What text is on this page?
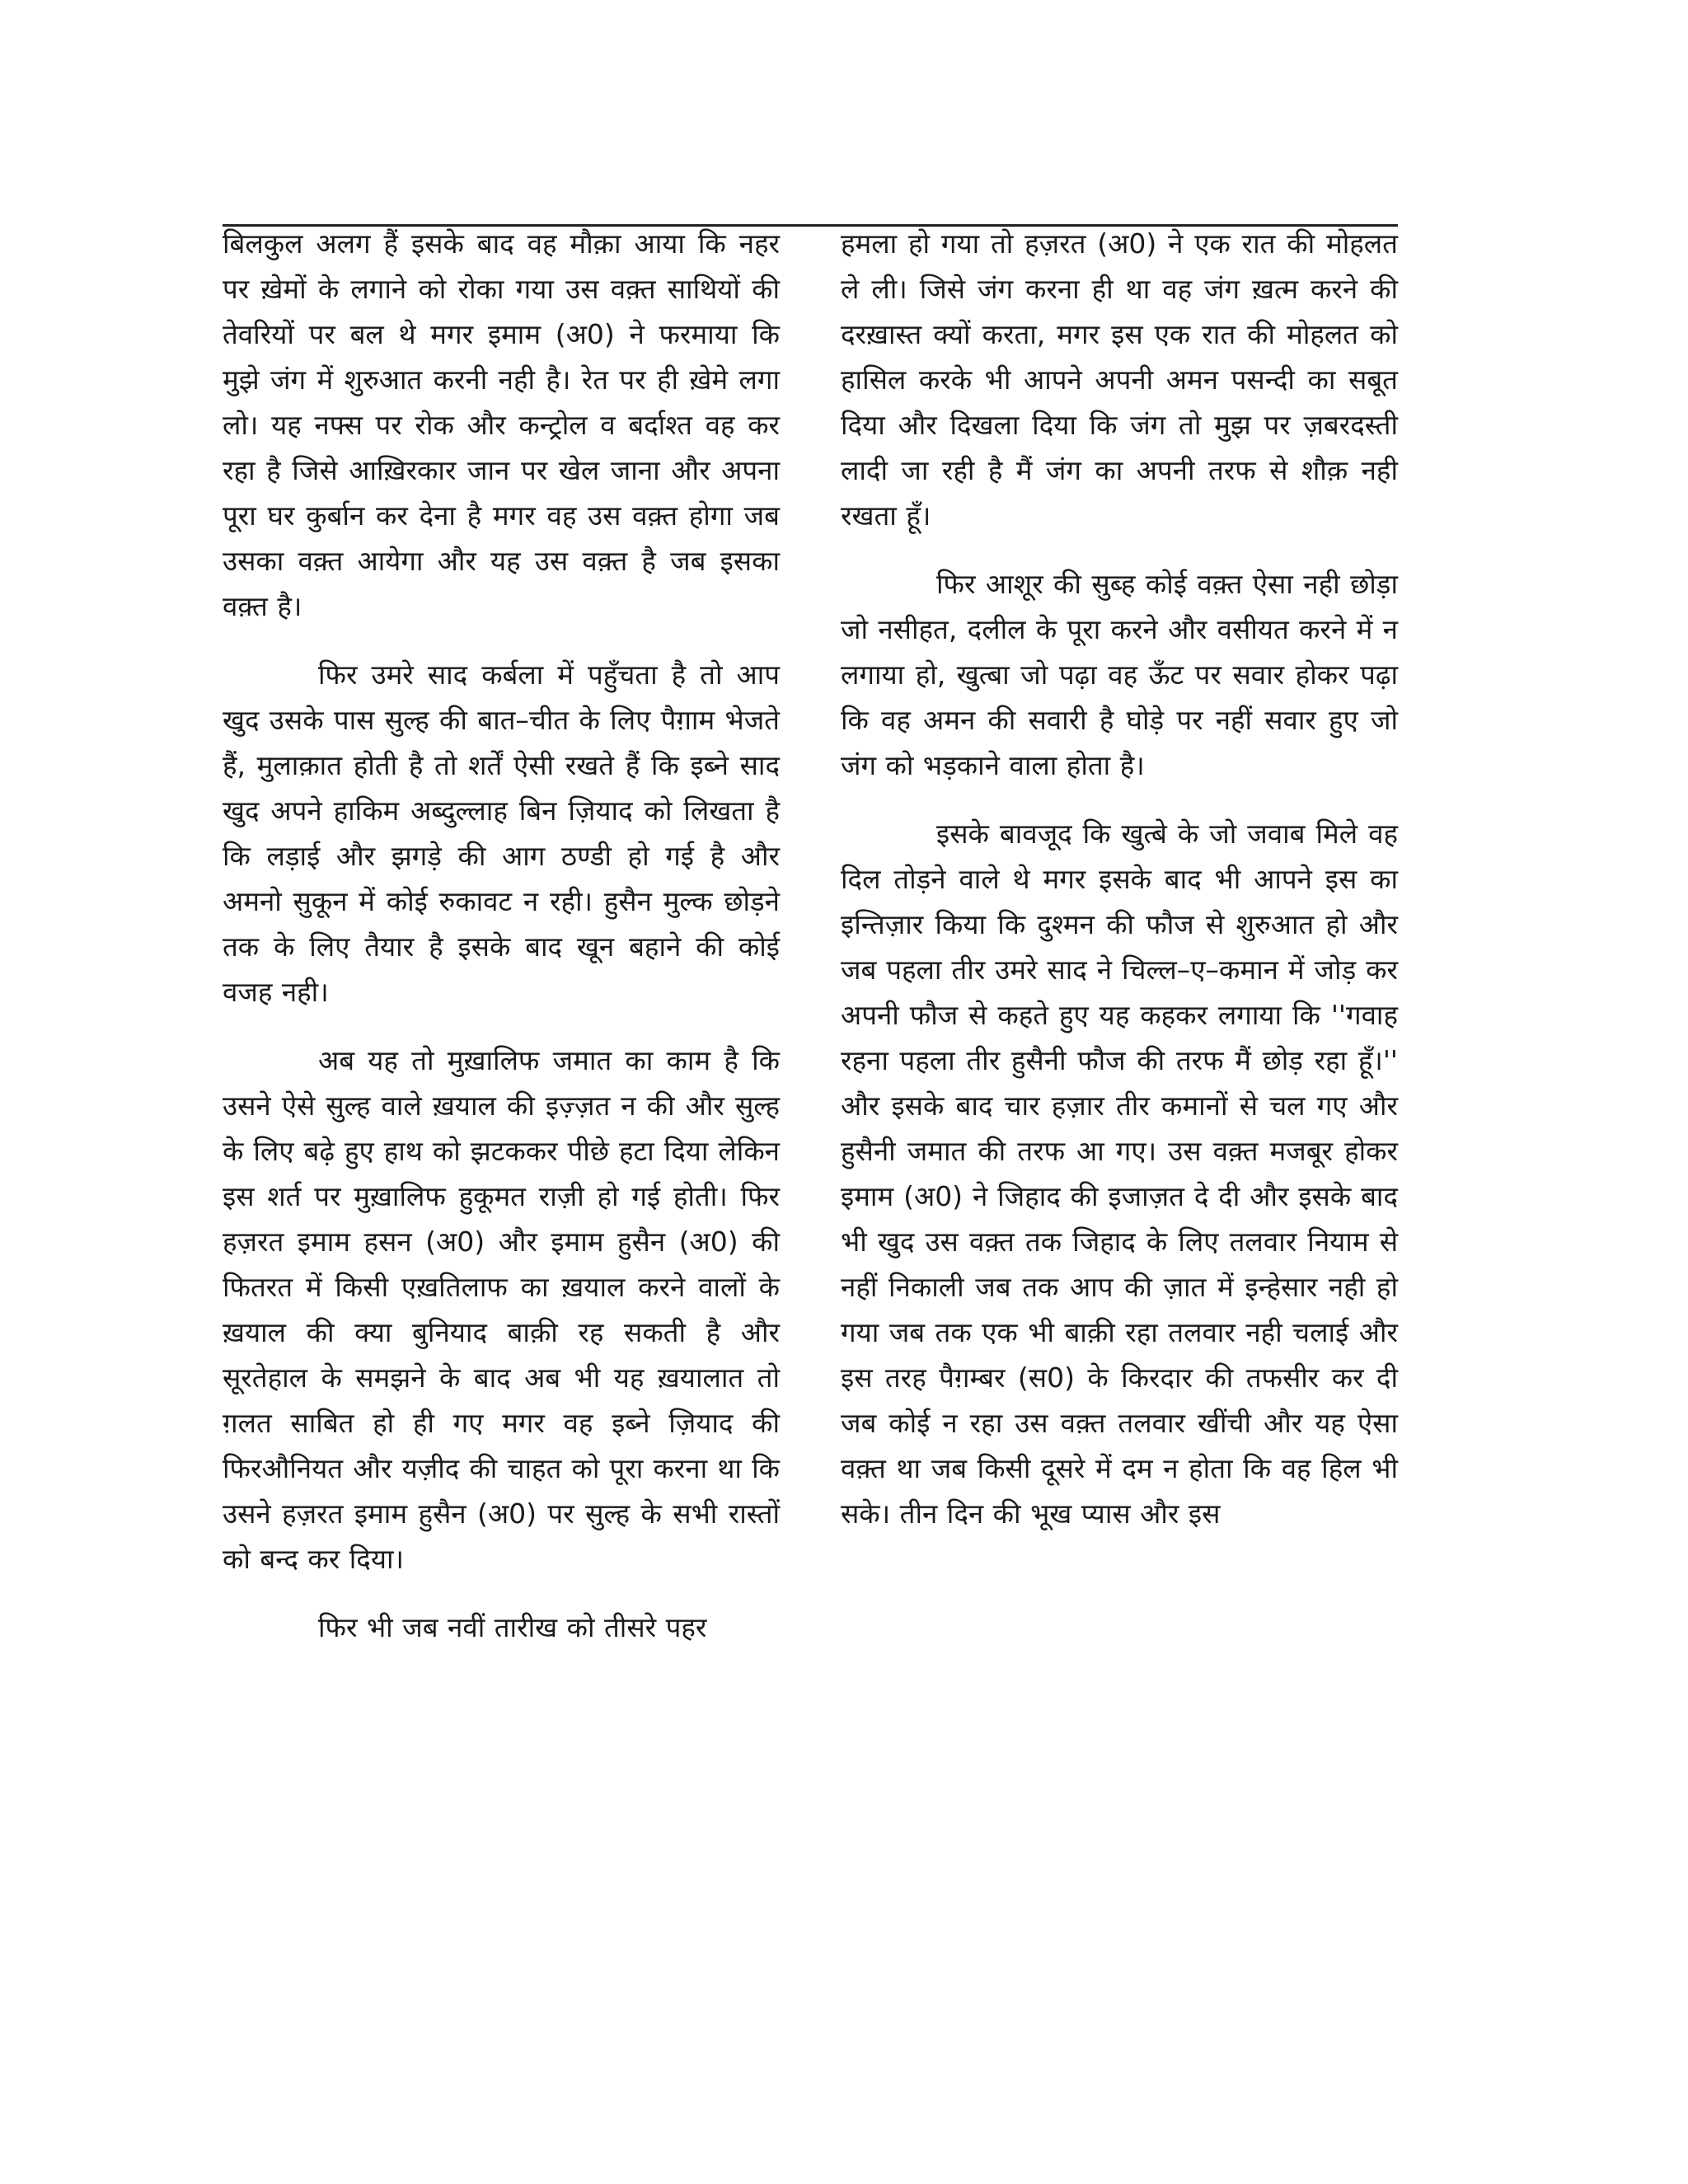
बिलकुल अलग हैं इसके बाद वह मौक़ा आया कि नहर पर खे़मों के लगाने को रोका गया उस वक़्त साथियों की तेवरियों पर बल थे मगर इमाम (अ0) ने फरमाया कि मुझे जंग में शुरुआत करनी नही है। रेत पर ही खे़मे लगा लो। यह नफ्स पर रोक और कन्ट्रोल व बर्दाश्त वह कर रहा है जिसे आख़िरकार जान पर खेल जाना और अपना पूरा घर कुर्बान कर देना है मगर वह उस वक़्त होगा जब उसका वक़्त आयेगा और यह उस वक़्त है जब इसका वक़्त है।

फिर उमरे साद कर्बला में पहुँचता है तो आप खुद उसके पास सुल्ह की बात–चीत के लिए पैग़ाम भेजते हैं, मुलाक़ात होती है तो शर्तें ऐसी रखते हैं कि इब्ने साद खुद अपने हाकिम अब्दुल्लाह बिन ज़ियाद को लिखता है कि लड़ाई और झगड़े की आग ठण्डी हो गई है और अमनो सुकून में कोई रुकावट न रही। हुसैन मुल्क छोड़ने तक के लिए तैयार है इसके बाद खून बहाने की कोई वजह नही।

अब यह तो मुख़ालिफ जमात का काम है कि उसने ऐसे सुल्ह वाले ख़याल की इज़्ज़त न की और सुल्ह के लिए बढ़े हुए हाथ को झटककर पीछे हटा दिया लेकिन इस शर्त पर मुख़ालिफ हुकूमत राज़ी हो गई होती। फिर हज़रत इमाम हसन (अ0) और इमाम हुसैन (अ0) की फितरत में किसी एख़तिलाफ का ख़याल करने वालों के ख़याल की क्या बुनियाद बाक़ी रह सकती है और सूरतेहाल के समझने के बाद अब भी यह ख़यालात तो ग़लत साबित हो ही गए मगर वह इब्ने ज़ियाद की फिरऔनियत और यज़ीद की चाहत को पूरा करना था कि उसने हज़रत इमाम हुसैन (अ0) पर सुल्ह के सभी रास्तों को बन्द कर दिया।

फिर भी जब नवीं तारीख को तीसरे पहर

हमला हो गया तो हज़रत (अ0) ने एक रात की मोहलत ले ली। जिसे जंग करना ही था वह जंग ख़त्म करने की दरख़ास्त क्यों करता, मगर इस एक रात की मोहलत को हासिल करके भी आपने अपनी अमन पसन्दी का सबूत दिया और दिखला दिया कि जंग तो मुझ पर ज़बरदस्ती लादी जा रही है मैं जंग का अपनी तरफ से शौक़ नही रखता हूँ।

फिर आशूर की सुब्ह कोई वक़्त ऐसा नही छोड़ा जो नसीहत, दलील के पूरा करने और वसीयत करने में न लगाया हो, खुत्बा जो पढ़ा वह ऊँट पर सवार होकर पढ़ा कि वह अमन की सवारी है घोड़े पर नहीं सवार हुए जो जंग को भड़काने वाला होता है।

इसके बावजूद कि खुत्बे के जो जवाब मिले वह दिल तोड़ने वाले थे मगर इसके बाद भी आपने इस का इन्तिज़ार किया कि दुश्मन की फौज से शुरुआत हो और जब पहला तीर उमरे साद ने चिल्ल–ए–कमान में जोड़ कर अपनी फौज से कहते हुए यह कहकर लगाया कि ''गवाह रहना पहला तीर हुसैनी फौज की तरफ मैं छोड़ रहा हूँ।'' और इसके बाद चार हज़ार तीर कमानों से चल गए और हुसैनी जमात की तरफ आ गए। उस वक़्त मजबूर होकर इमाम (अ0) ने जिहाद की इजाज़त दे दी और इसके बाद भी खुद उस वक़्त तक जिहाद के लिए तलवार नियाम से नहीं निकाली जब तक आप की ज़ात में इन्हेसार नही हो गया जब तक एक भी बाक़ी रहा तलवार नही चलाई और इस तरह पैग़म्बर (स0) के किरदार की तफसीर कर दी जब कोई न रहा उस वक़्त तलवार खींची और यह ऐसा वक़्त था जब किसी दूसरे में दम न होता कि वह हिल भी सके। तीन दिन की भूख प्यास और इस
